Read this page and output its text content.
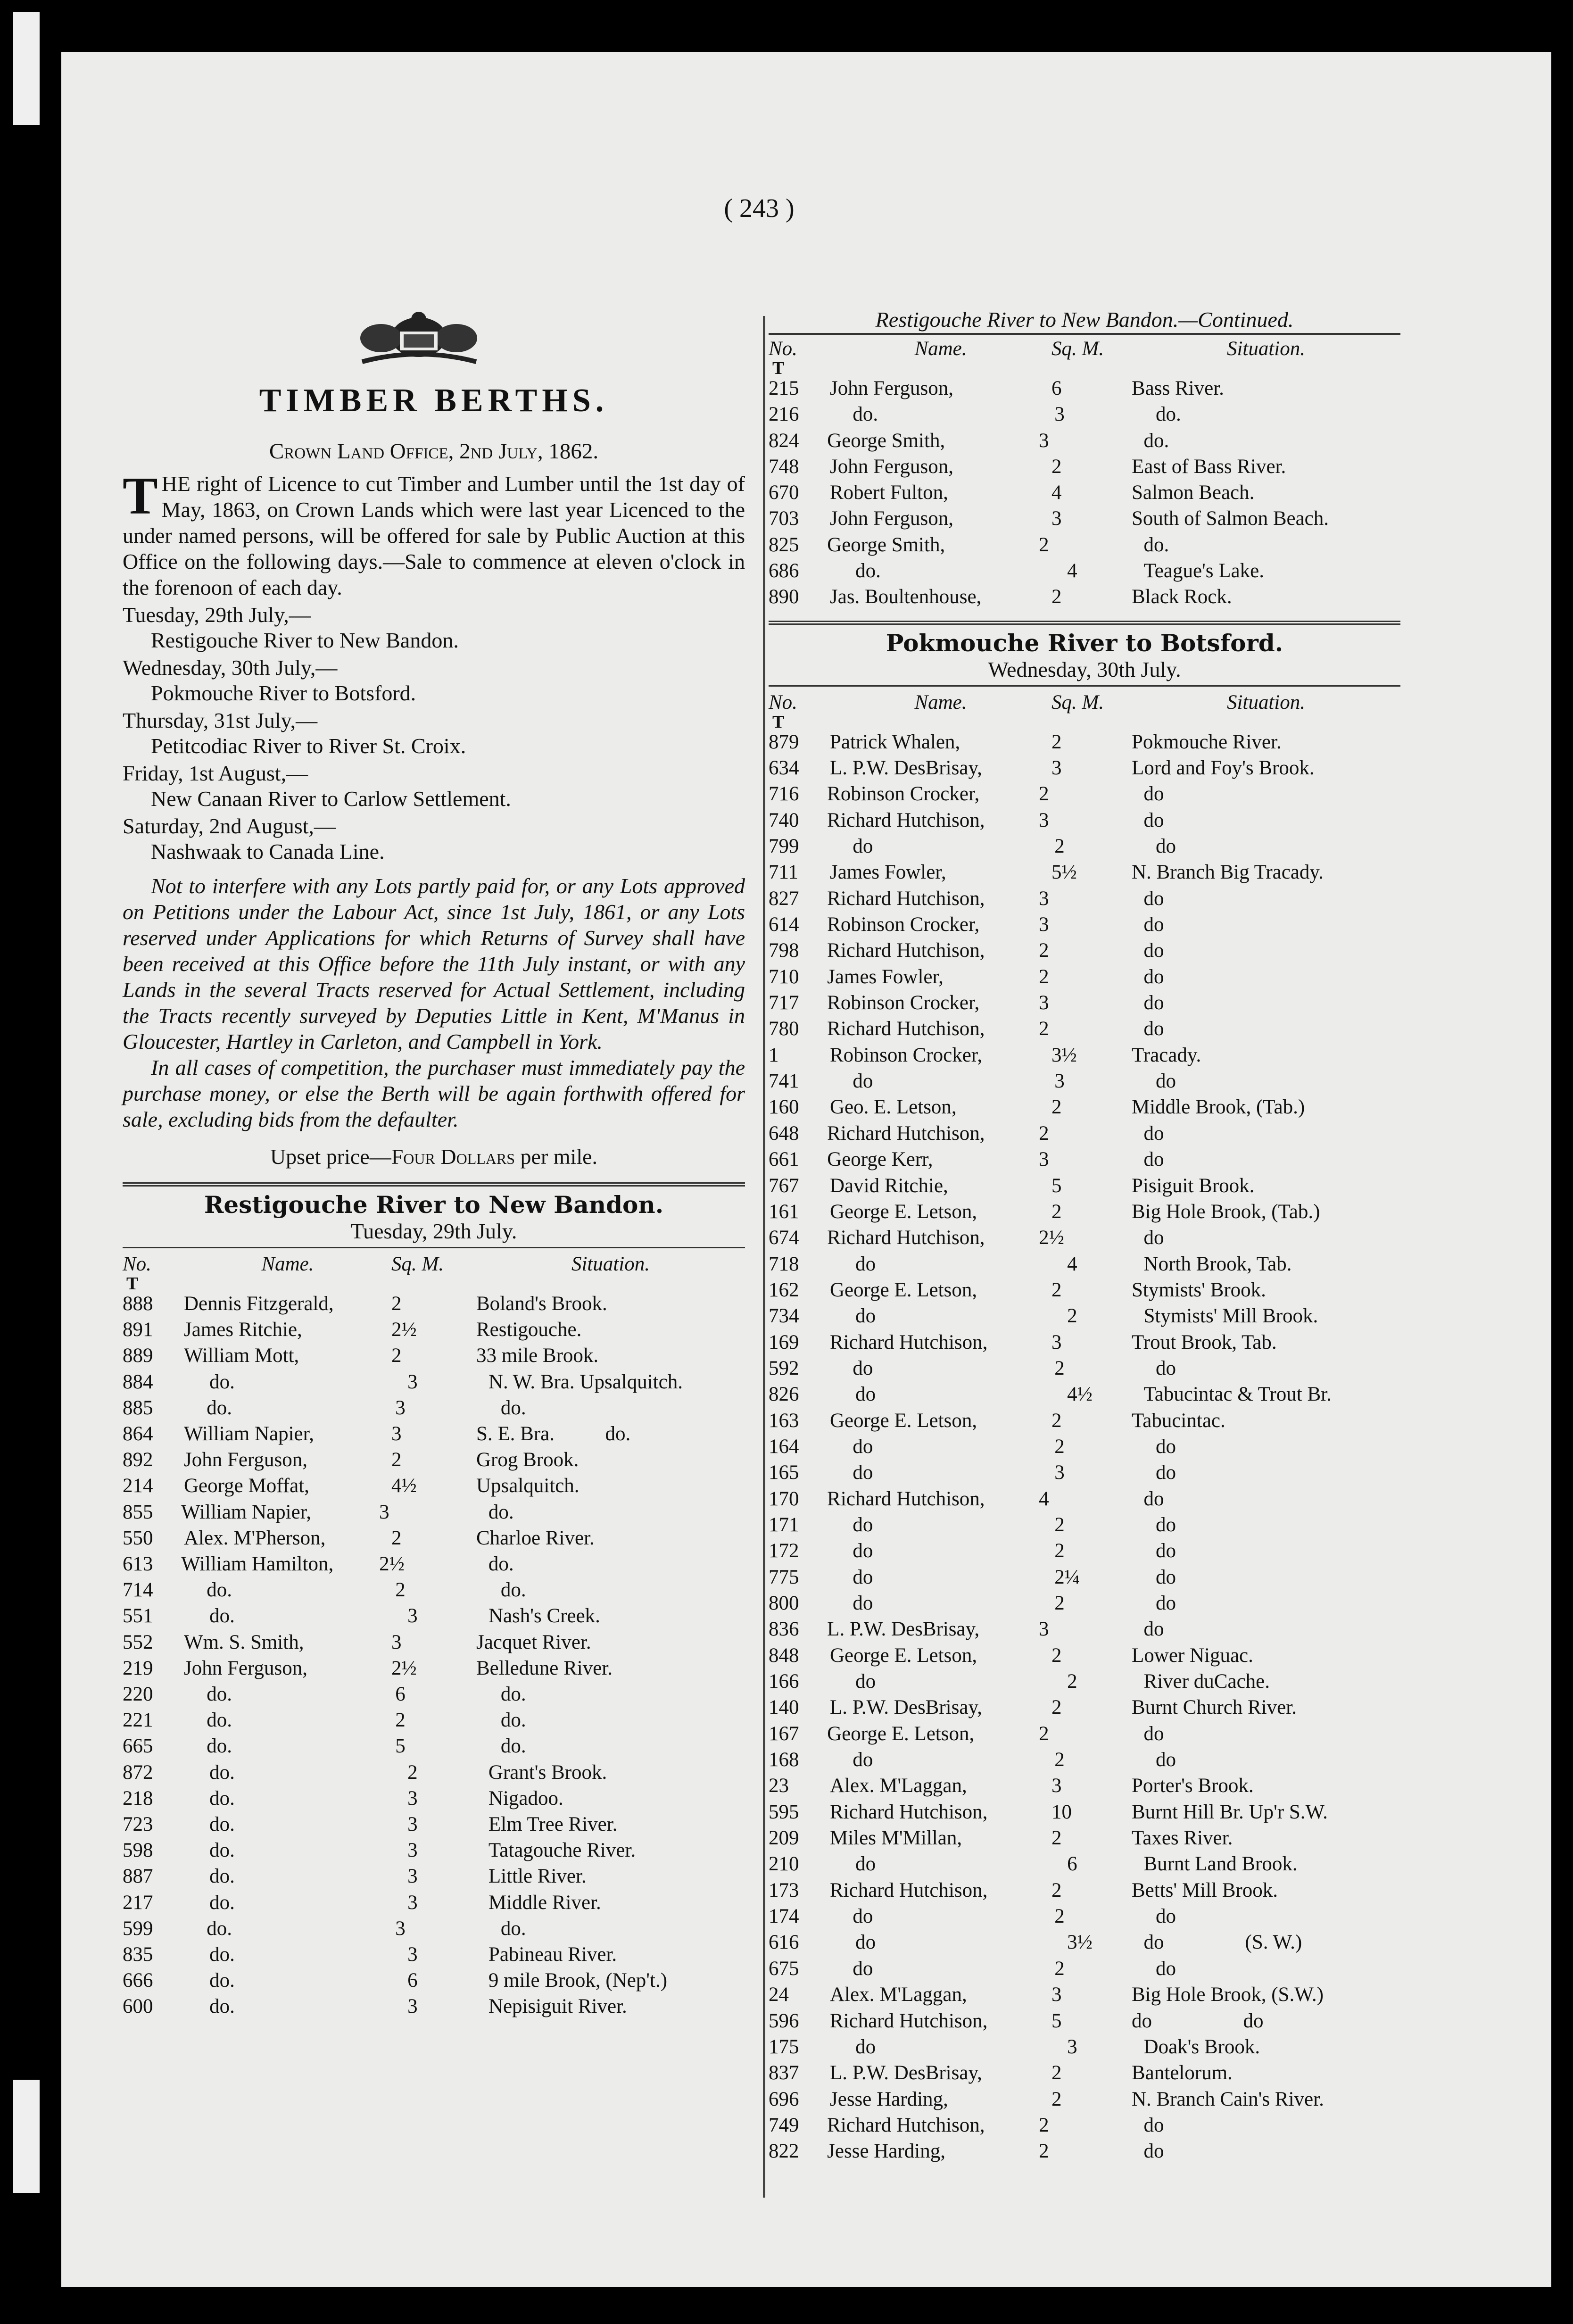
( 243 )
TIMBER BERTHS.
Crown Land Office, 2nd July, 1862.
T HE right of Licence to cut Timber and Lumber until the 1st day of May, 1863, on Crown Lands which were last year Licenced to the under named persons, will be offered for sale by Public Auction at this Office on the following days.—Sale to commence at eleven o'clock in the forenoon of each day.
Tuesday, 29th July,—
Restigouche River to New Bandon.
Wednesday, 30th July,—
Pokmouche River to Botsford.
Thursday, 31st July,—
Petitcodiac River to River St. Croix.
Friday, 1st August,—
New Canaan River to Carlow Settlement.
Saturday, 2nd August,—
Nashwaak to Canada Line.
Not to interfere with any Lots partly paid for, or any Lots approved on Petitions under the Labour Act, since 1st July, 1861, or any Lots reserved under Applications for which Returns of Survey shall have been received at this Office before the 11th July instant, or with any Lands in the several Tracts reserved for Actual Settlement, including the Tracts recently surveyed by Deputies Little in Kent, M'Manus in Gloucester, Hartley in Carleton, and Campbell in York.
In all cases of competition, the purchaser must immediately pay the purchase money, or else the Berth will be again forthwith offered for sale, excluding bids from the defaulter.
Upset price—Four Dollars per mile.
Restigouche River to New Bandon.
Tuesday, 29th July.
No.	Name.	Sq. M.	Situation.
T
888	Dennis Fitzgerald,	2	Boland's Brook.
891	James Ritchie,	2½	Restigouche.
889	William Mott,	2	33 mile Brook.
884	do.	3	N. W. Bra. Upsalquitch.
885	do.	3	do.
864	William Napier,	3	S. E. Bra.          do.
892	John Ferguson,	2	Grog Brook.
214	George Moffat,	4½	Upsalquitch.
855	William Napier,	3	do.
550	Alex. M'Pherson,	2	Charloe River.
613	William Hamilton,	2½	do.
714	do.	2	do.
551	do.	3	Nash's Creek.
552	Wm. S. Smith,	3	Jacquet River.
219	John Ferguson,	2½	Belledune River.
220	do.	6	do.
221	do.	2	do.
665	do.	5	do.
872	do.	2	Grant's Brook.
218	do.	3	Nigadoo.
723	do.	3	Elm Tree River.
598	do.	3	Tatagouche River.
887	do.	3	Little River.
217	do.	3	Middle River.
599	do.	3	do.
835	do.	3	Pabineau River.
666	do.	6	9 mile Brook, (Nep't.)
600	do.	3	Nepisiguit River.
Restigouche River to New Bandon.—Continued.
No.	Name.	Sq. M.	Situation.
T
215	John Ferguson,	6	Bass River.
216	do.	3	do.
824	George Smith,	3	do.
748	John Ferguson,	2	East of Bass River.
670	Robert Fulton,	4	Salmon Beach.
703	John Ferguson,	3	South of Salmon Beach.
825	George Smith,	2	do.
686	do.	4	Teague's Lake.
890	Jas. Boultenhouse,	2	Black Rock.
Pokmouche River to Botsford.
Wednesday, 30th July.
No.	Name.	Sq. M.	Situation.
T
879	Patrick Whalen,	2	Pokmouche River.
634	L. P.W. DesBrisay,	3	Lord and Foy's Brook.
716	Robinson Crocker,	2	do
740	Richard Hutchison,	3	do
799	do	2	do
711	James Fowler,	5½	N. Branch Big Tracady.
827	Richard Hutchison,	3	do
614	Robinson Crocker,	3	do
798	Richard Hutchison,	2	do
710	James Fowler,	2	do
717	Robinson Crocker,	3	do
780	Richard Hutchison,	2	do
1	Robinson Crocker,	3½	Tracady.
741	do	3	do
160	Geo. E. Letson,	2	Middle Brook, (Tab.)
648	Richard Hutchison,	2	do
661	George Kerr,	3	do
767	David Ritchie,	5	Pisiguit Brook.
161	George E. Letson,	2	Big Hole Brook, (Tab.)
674	Richard Hutchison,	2½	do
718	do	4	North Brook, Tab.
162	George E. Letson,	2	Stymists' Brook.
734	do	2	Stymists' Mill Brook.
169	Richard Hutchison,	3	Trout Brook, Tab.
592	do	2	do
826	do	4½	Tabucintac & Trout Br.
163	George E. Letson,	2	Tabucintac.
164	do	2	do
165	do	3	do
170	Richard Hutchison,	4	do
171	do	2	do
172	do	2	do
775	do	2¼	do
800	do	2	do
836	L. P.W. DesBrisay,	3	do
848	George E. Letson,	2	Lower Niguac.
166	do	2	River duCache.
140	L. P.W. DesBrisay,	2	Burnt Church River.
167	George E. Letson,	2	do
168	do	2	do
23	Alex. M'Laggan,	3	Porter's Brook.
595	Richard Hutchison,	10	Burnt Hill Br. Up'r S.W.
209	Miles M'Millan,	2	Taxes River.
210	do	6	Burnt Land Brook.
173	Richard Hutchison,	2	Betts' Mill Brook.
174	do	2	do
616	do	3½	do                (S. W.)
675	do	2	do
24	Alex. M'Laggan,	3	Big Hole Brook, (S.W.)
596	Richard Hutchison,	5	do                  do
175	do	3	Doak's Brook.
837	L. P.W. DesBrisay,	2	Bantelorum.
696	Jesse Harding,	2	N. Branch Cain's River.
749	Richard Hutchison,	2	do
822	Jesse Harding,	2	do
